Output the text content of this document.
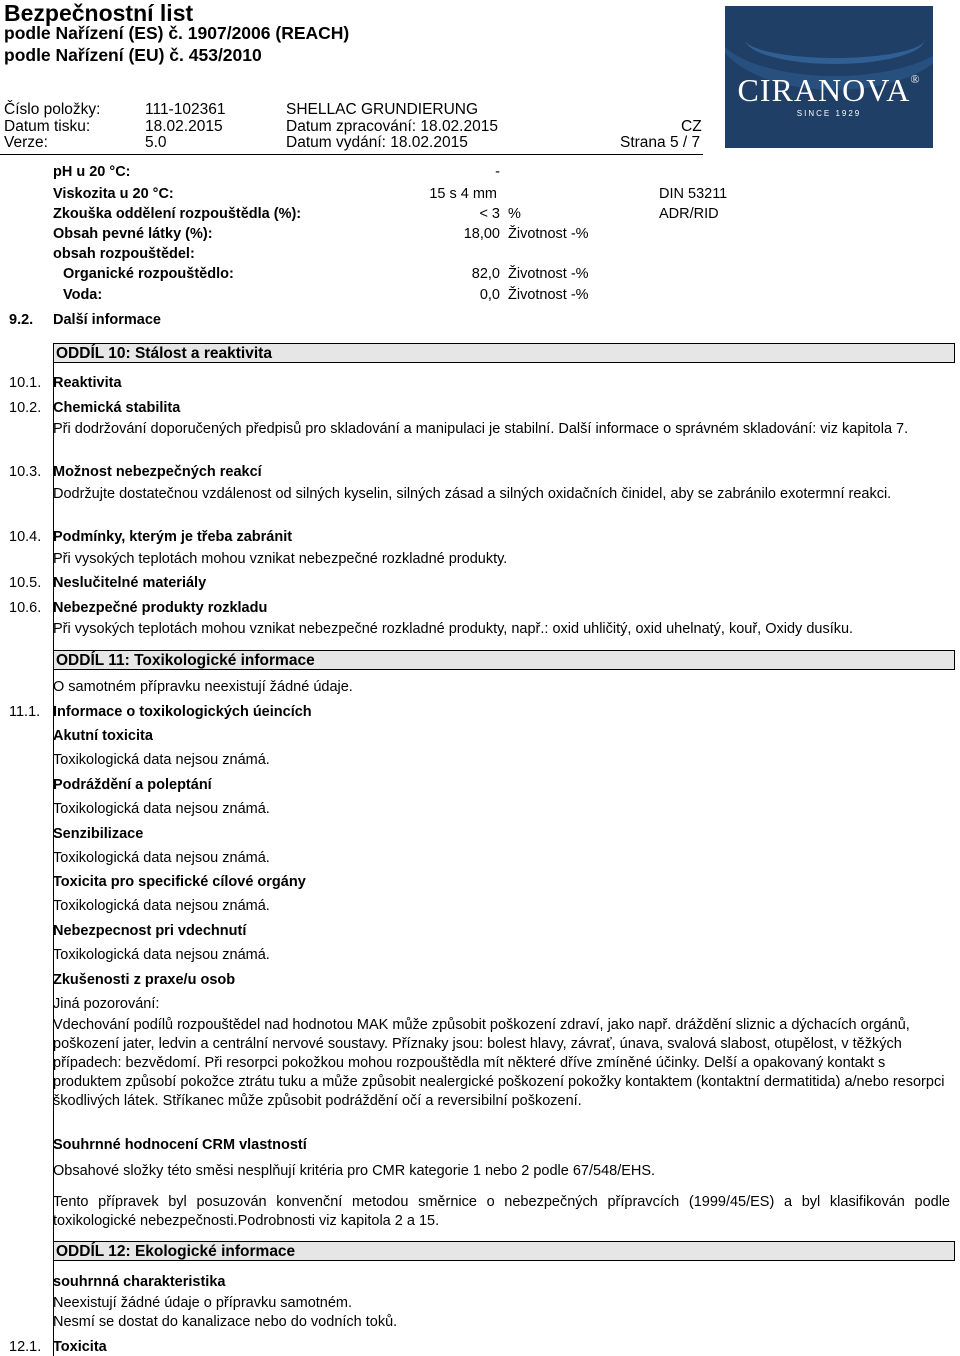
Bezpečnostní list
podle Nařízení (ES) č. 1907/2006 (REACH)
podle Nařízení (EU) č. 453/2010
Číslo položky:	111-102361	SHELLAC GRUNDIERUNG
Datum tisku:	18.02.2015	Datum zpracování: 18.02.2015	CZ
Verze:	5.0	Datum vydání: 18.02.2015	Strana 5 / 7
CIRANOVA®
SINCE 1929
pH u 20 °C:	-
Viskozita u 20 °C:	15 s 4 mm	DIN 53211
Zkouška oddělení rozpouštědla (%):	< 3 %	ADR/RID
Obsah pevné látky (%):	18,00 Životnost -%
obsah rozpouštědel:
Organické rozpouštědlo:	82,0 Životnost -%
Voda:	0,0 Životnost -%
9.2. Další informace
ODDÍL 10: Stálost a reaktivita
10.1. Reaktivita
10.2. Chemická stabilita
Při dodržování doporučených předpisů pro skladování a manipulaci je stabilní. Další informace o správném skladování: viz kapitola 7.
10.3. Možnost nebezpečných reakcí
Dodržujte dostatečnou vzdálenost od silných kyselin, silných zásad a silných oxidačních činidel, aby se zabránilo exotermní reakci.
10.4. Podmínky, kterým je třeba zabránit
Při vysokých teplotách mohou vznikat nebezpečné rozkladné produkty.
10.5. Neslučitelné materiály
10.6. Nebezpečné produkty rozkladu
Při vysokých teplotách mohou vznikat nebezpečné rozkladné produkty, např.: oxid uhličitý, oxid uhelnatý, kouř, Oxidy dusíku.
ODDÍL 11: Toxikologické informace
O samotném přípravku neexistují žádné údaje.
11.1. Informace o toxikologických úeincích
Akutní toxicita
Toxikologická data nejsou známá.
Podráždění a poleptání
Toxikologická data nejsou známá.
Senzibilizace
Toxikologická data nejsou známá.
Toxicita pro specifické cílové orgány
Toxikologická data nejsou známá.
Nebezpecnost pri vdechnutí
Toxikologická data nejsou známá.
Zkušenosti z praxe/u osob
Jiná pozorování:
Vdechování podílů rozpouštědel nad hodnotou MAK může způsobit poškození zdraví, jako např. dráždění sliznic a dýchacích orgánů, poškození jater, ledvin a centrální nervové soustavy. Příznaky jsou: bolest hlavy, závrať, únava, svalová slabost, otupělost, v těžkých případech: bezvědomí. Při resorpci pokožkou mohou rozpouštědla mít některé dříve zmíněné účinky. Delší a opakovaný kontakt s produktem způsobí pokožce ztrátu tuku a může způsobit nealergické poškození pokožky kontaktem (kontaktní dermatitida) a/nebo resorpci škodlivých látek. Stříkanec může způsobit podráždění očí a reversibilní poškození.
Souhrnné hodnocení CRM vlastností
Obsahové složky této směsi nesplňují kritéria pro CMR kategorie 1 nebo 2 podle 67/548/EHS.
Tento přípravek byl posuzován konvenční metodou směrnice o nebezpečných přípravcích (1999/45/ES) a byl klasifikován podle toxikologické nebezpečnosti.Podrobnosti viz kapitola 2 a 15.
ODDÍL 12: Ekologické informace
souhrnná charakteristika
Neexistují žádné údaje o přípravku samotném.
Nesmí se dostat do kanalizace nebo do vodních toků.
12.1. Toxicita
